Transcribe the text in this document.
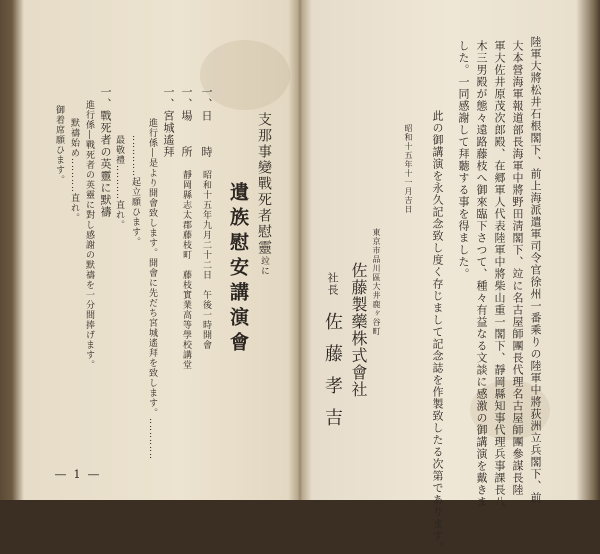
支那事變戰死者慰靈竝に
遺族慰安講演會
一、日　　時　昭和十五年九月二十二日　午後一時開會
一、場　　所　靜岡縣志太郡藤枝町　藤枝實業高等學校講堂
一、宮城遙拜
進行係―是より開會致します。開會に先だち宮城遙拜を致します。‥‥‥‥‥‥
‥‥‥‥‥‥起立願ひます。
最敬禮‥‥‥‥‥直れ。
一、戰死者の英靈に默禱
進行係―戰死者の英靈に對し感謝の默禱を一分間捧げます。
默禱始め‥‥‥‥‥直れ。
御着席願ひます。
― 1 ―	陸軍大將松井石根閣下、前上海派遣軍司令官徐州一番乘りの陸軍中將荻洲立兵閣下、前
大本營海軍報道部長海軍中將野田淸閣下、竝に名古屋師團長代理名古屋師團參謀長陸
軍大佐井原茂次郎殿、在郷軍人代表陸軍中將柴山重一閣下、靜岡縣知事代理兵事課長八
木三男殿が態々遠路藤枝へ御來臨下さつて、種々有益なる文談に感激の御講演を戴きま
した。一同感謝して拜聽する事を得ました。
此の御講演を永久記念致し度く存じまして記念誌を作製致したる次第であります。
昭和十五年十一月吉日
東京市品川區大井鹿ヶ谷町
佐藤製藥株式會社
社長　佐藤孝吉
